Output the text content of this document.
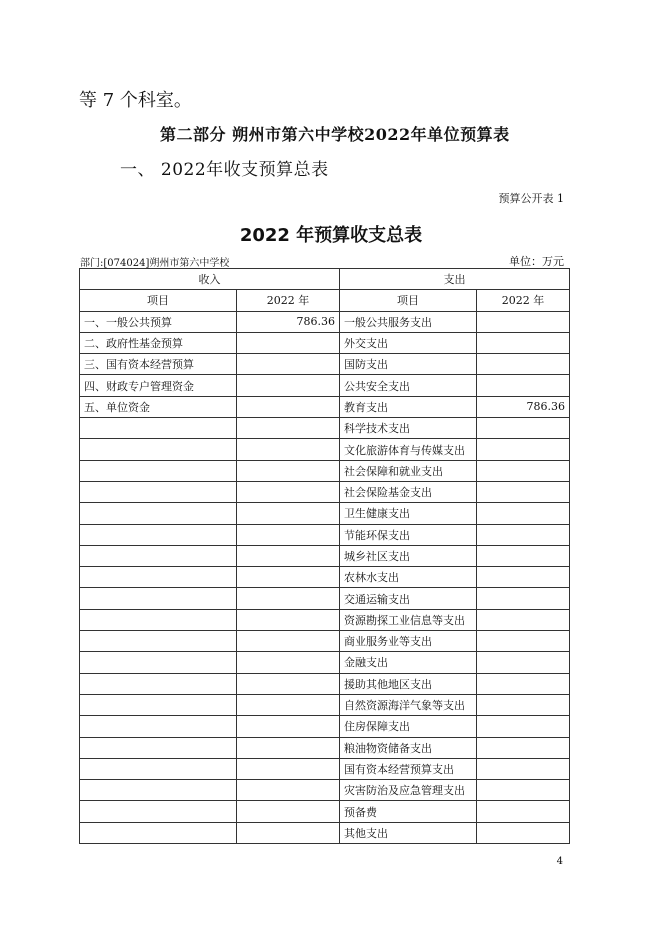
等 7 个科室。
第二部分 朔州市第六中学校2022年单位预算表
一、 2022年收支预算总表
预算公开表 1
2022 年预算收支总表
部门:[074024]朔州市第六中学校	单位：万元
收入		支出	
项目	2022 年	项目	2022 年
一、一般公共预算	786.36	一般公共服务支出	
二、政府性基金预算		外交支出	
三、国有资本经营预算		国防支出	
四、财政专户管理资金		公共安全支出	
五、单位资金		教育支出	786.36
		科学技术支出	
		文化旅游体育与传媒支出	
		社会保障和就业支出	
		社会保险基金支出	
		卫生健康支出	
		节能环保支出	
		城乡社区支出	
		农林水支出	
		交通运输支出	
		资源勘探工业信息等支出	
		商业服务业等支出	
		金融支出	
		援助其他地区支出	
		自然资源海洋气象等支出	
		住房保障支出	
		粮油物资储备支出	
		国有资本经营预算支出	
		灾害防治及应急管理支出	
		预备费	
		其他支出	
4
